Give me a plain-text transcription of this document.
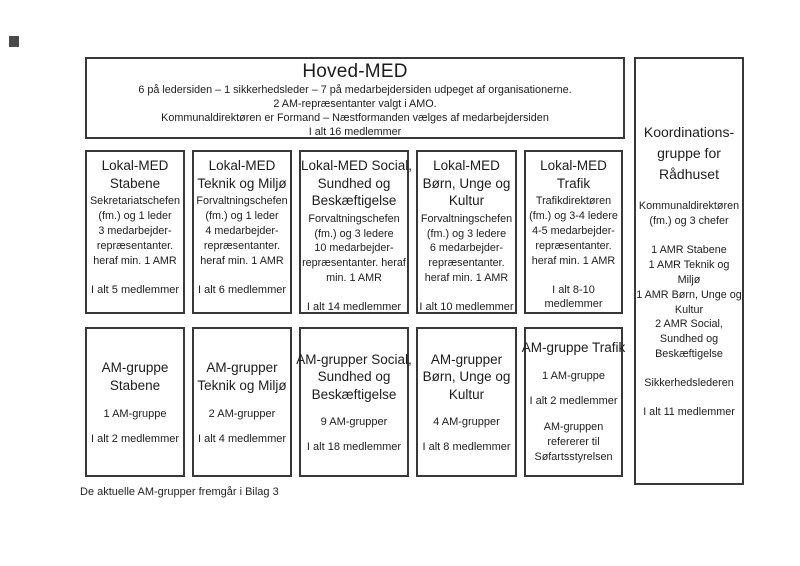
Hoved-MED
6 på ledersiden – 1 sikkerhedsleder – 7 på medarbejdersiden udpeget af organisationerne.
2 AM-repræsentanter valgt i AMO.
Kommunaldirektøren er Formand – Næstformanden vælges af medarbejdersiden
I alt 16 medlemmer	Koordinations-
gruppe for
Rådhuset
Kommunaldirektøren
(fm.) og 3 chefer
1 AMR Stabene
1 AMR Teknik og
Miljø
1 AMR Børn, Unge og
Kultur
2 AMR Social,
Sundhed og
Beskæftigelse
Sikkerhedslederen
I alt 11 medlemmer
Lokal-MED
Stabene
Sekretariatschefen
(fm.) og 1 leder
3 medarbejder-
repræsentanter.
heraf min. 1 AMR
I alt 5 medlemmer
Lokal-MED
Teknik og Miljø
Forvaltningschefen
(fm.) og 1 leder
4 medarbejder-
repræsentanter.
heraf min. 1 AMR
I alt 6 medlemmer
Lokal-MED Social,
Sundhed og
Beskæftigelse
Forvaltningschefen
(fm.) og 3 ledere
10 medarbejder-
repræsentanter. heraf
min. 1 AMR
I alt 14 medlemmer
Lokal-MED
Børn, Unge og
Kultur
Forvaltningschefen
(fm.) og 3 ledere
6 medarbejder-
repræsentanter.
heraf min. 1 AMR
I alt 10 medlemmer
Lokal-MED
Trafik
Trafikdirektøren
(fm.) og 3-4 ledere
4-5 medarbejder-
repræsentanter.
heraf min. 1 AMR
I alt 8-10 medlemmer
AM-gruppe
Stabene
1 AM-gruppe
I alt 2 medlemmer
AM-grupper
Teknik og Miljø
2 AM-grupper
I alt 4 medlemmer
AM-grupper Social,
Sundhed og
Beskæftigelse
9 AM-grupper
I alt 18 medlemmer
AM-grupper
Børn, Unge og
Kultur
4 AM-grupper
I alt 8 medlemmer
AM-gruppe Trafik
1 AM-gruppe
I alt 2 medlemmer
AM-gruppen
refererer til
Søfartsstyrelsen
De aktuelle AM-grupper fremgår i Bilag 3
